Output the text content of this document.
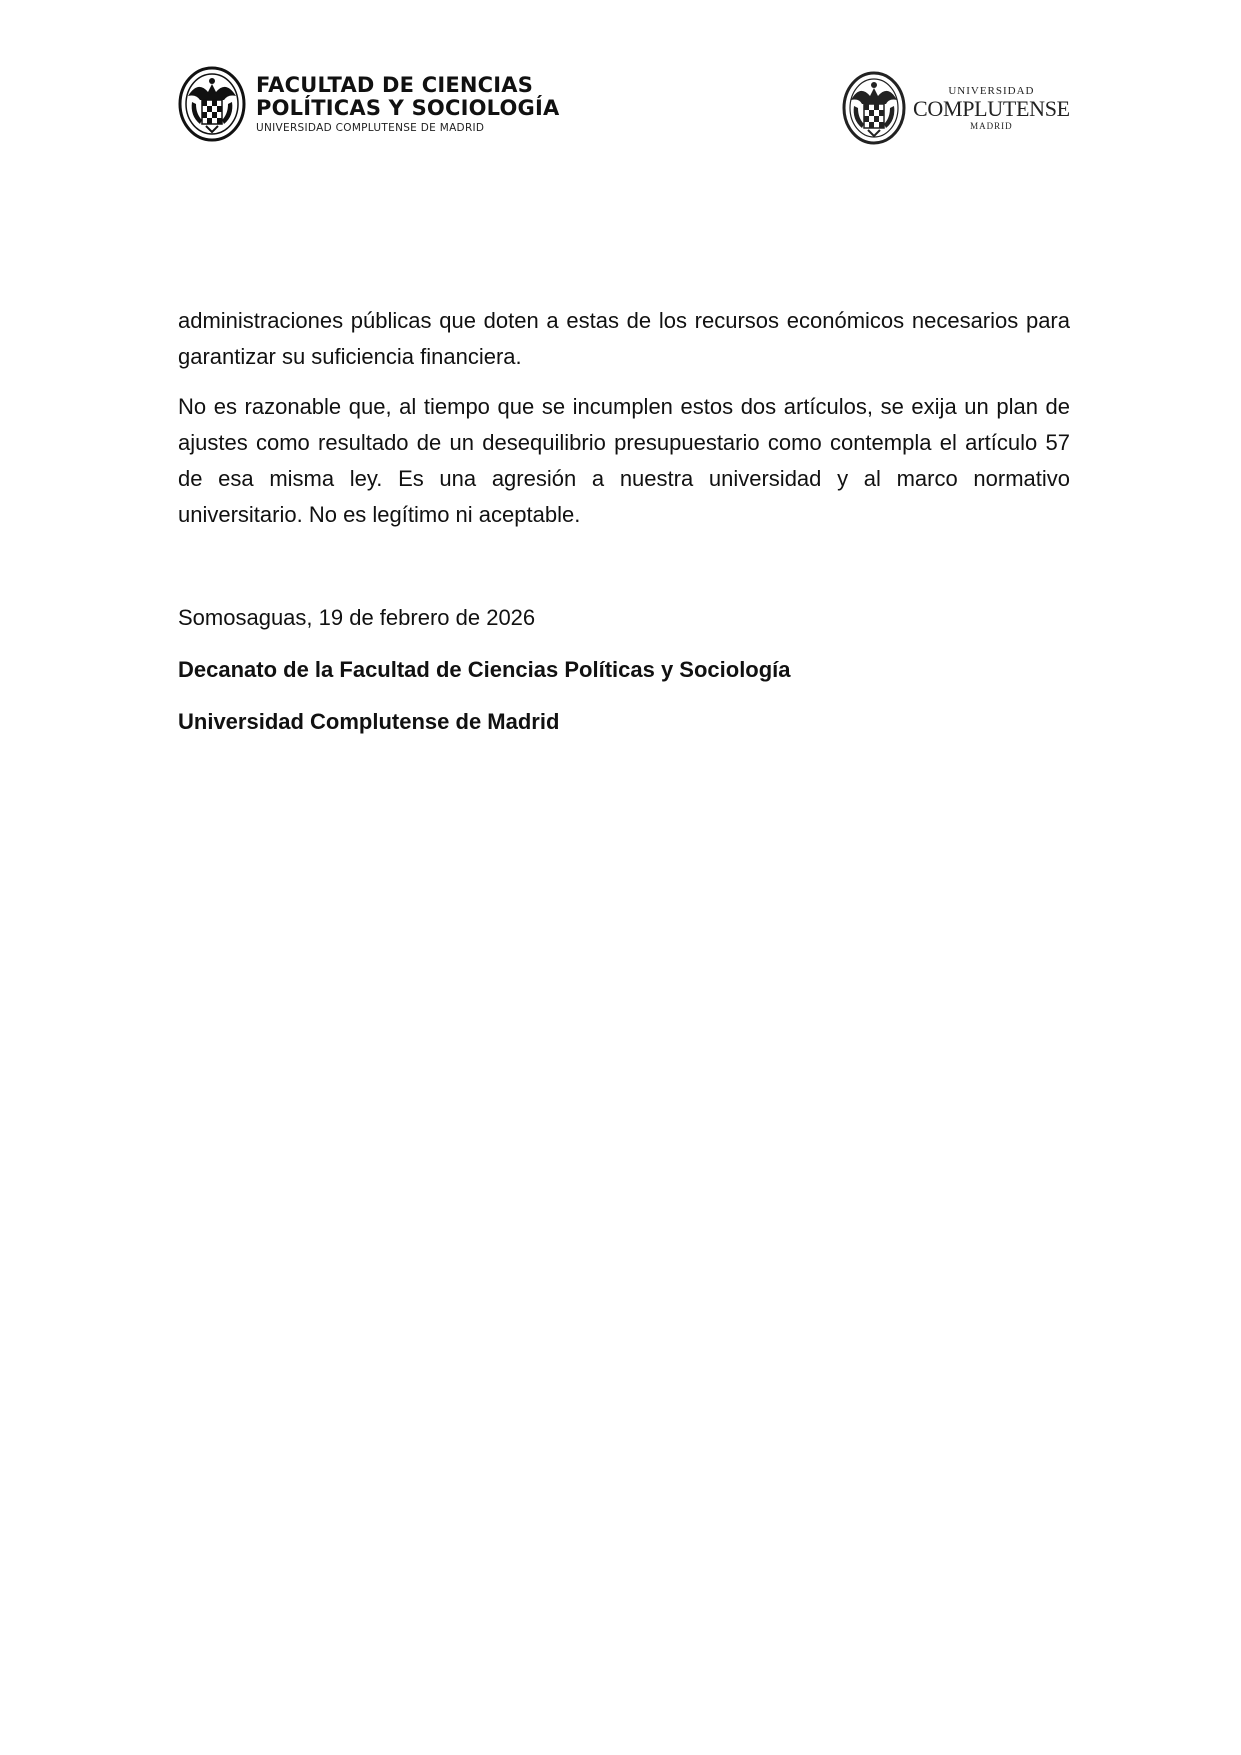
FACULTAD DE CIENCIAS
POLÍTICAS Y SOCIOLOGÍA
UNIVERSIDAD COMPLUTENSE DE MADRID
UNIVERSIDAD
COMPLUTENSE
MADRID

administraciones públicas que doten a estas de los recursos económicos necesarios para garantizar su suficiencia financiera.

No es razonable que, al tiempo que se incumplen estos dos artículos, se exija un plan de ajustes como resultado de un desequilibrio presupuestario como contempla el artículo 57 de esa misma ley. Es una agresión a nuestra universidad y al marco normativo universitario. No es legítimo ni aceptable.

Somosaguas, 19 de febrero de 2026
Decanato de la Facultad de Ciencias Políticas y Sociología
Universidad Complutense de Madrid
